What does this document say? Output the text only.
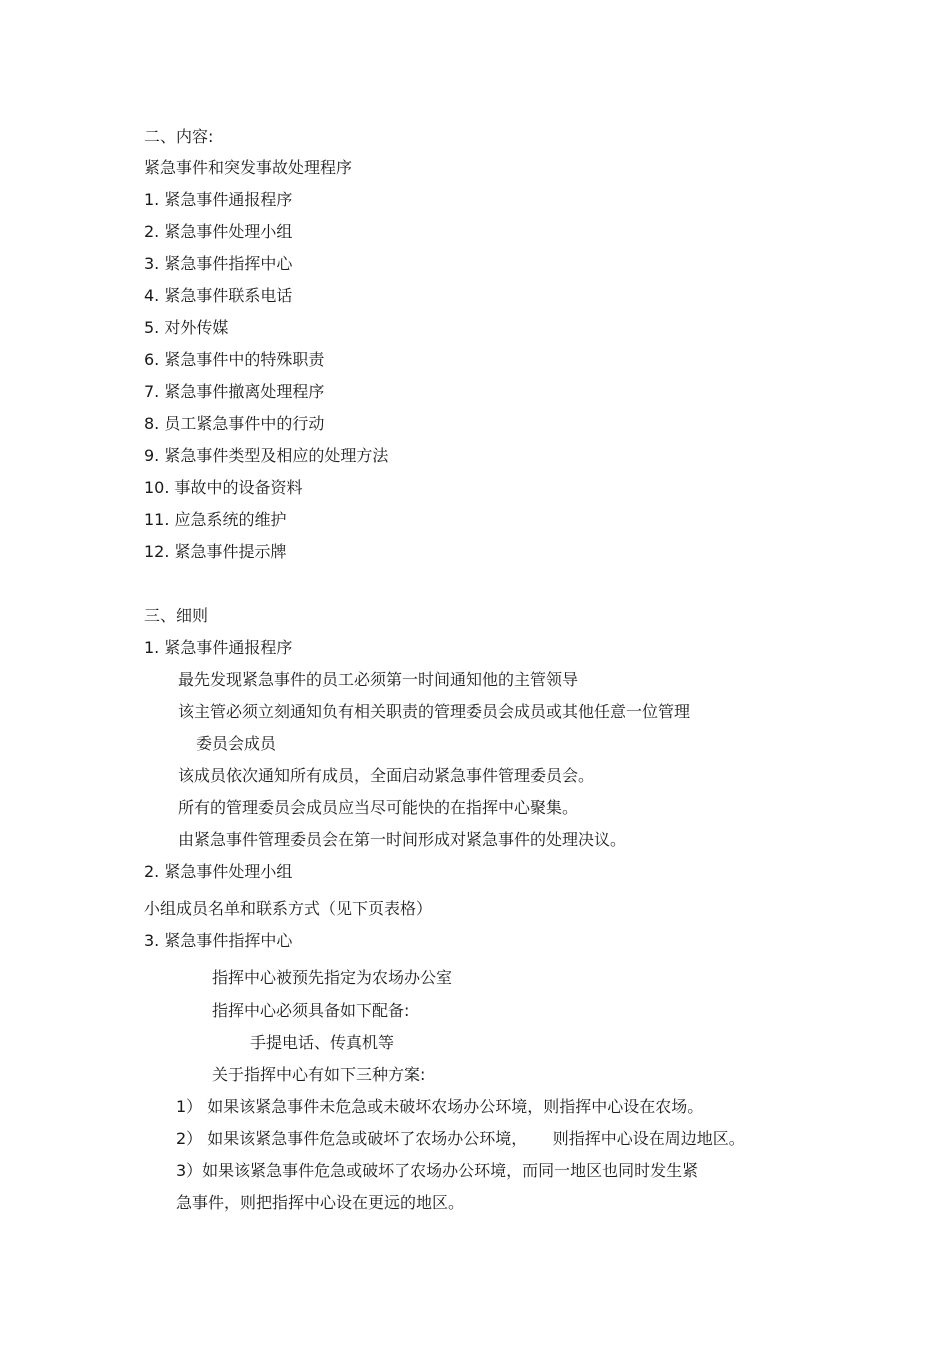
二、内容:
紧急事件和突发事故处理程序
1. 紧急事件通报程序
2. 紧急事件处理小组
3. 紧急事件指挥中心
4. 紧急事件联系电话
5. 对外传媒
6. 紧急事件中的特殊职责
7. 紧急事件撤离处理程序
8. 员工紧急事件中的行动
9. 紧急事件类型及相应的处理方法
10. 事故中的设备资料
11. 应急系统的维护
12. 紧急事件提示牌
三、细则
1. 紧急事件通报程序
最先发现紧急事件的员工必须第一时间通知他的主管领导
该主管必须立刻通知负有相关职责的管理委员会成员或其他任意一位管理
委员会成员
该成员依次通知所有成员，全面启动紧急事件管理委员会。
所有的管理委员会成员应当尽可能快的在指挥中心聚集。
由紧急事件管理委员会在第一时间形成对紧急事件的处理决议。
2. 紧急事件处理小组
小组成员名单和联系方式（见下页表格）
3. 紧急事件指挥中心
指挥中心被预先指定为农场办公室
指挥中心必须具备如下配备:
手提电话、传真机等
关于指挥中心有如下三种方案:
1） 如果该紧急事件未危急或未破坏农场办公环境，则指挥中心设在农场。
2） 如果该紧急事件危急或破坏了农场办公环境，     则指挥中心设在周边地区。
3）如果该紧急事件危急或破坏了农场办公环境，而同一地区也同时发生紧
急事件，则把指挥中心设在更远的地区。
